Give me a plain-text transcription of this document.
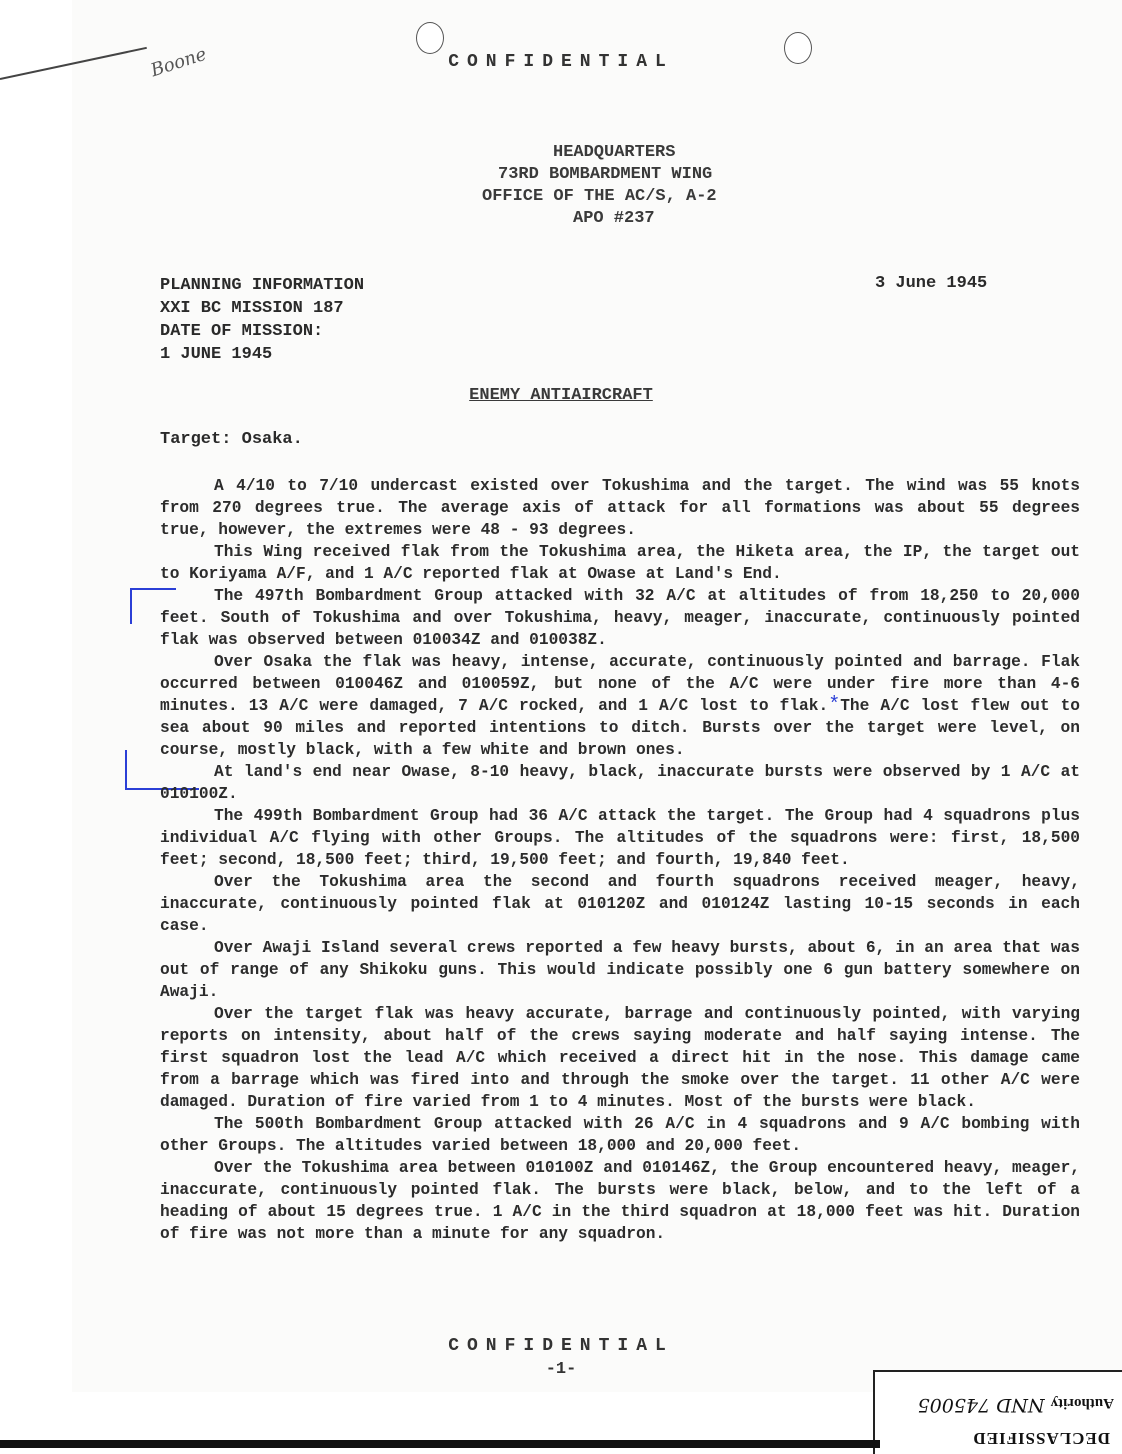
Boone	CONFIDENTIAL
HEADQUARTERS
73RD BOMBARDMENT WING
OFFICE OF THE AC/S, A-2
APO #237
PLANNING INFORMATION
XXI BC MISSION 187
DATE OF MISSION:
1 JUNE 1945
3 June 1945
ENEMY ANTIAIRCRAFT
Target: Osaka.

A 4/10 to 7/10 undercast existed over Tokushima and the target. The wind was 55 knots from 270 degrees true. The average axis of attack for all formations was about 55 degrees true, however, the extremes were 48 - 93 degrees.

This Wing received flak from the Tokushima area, the Hiketa area, the IP, the target out to Koriyama A/F, and 1 A/C reported flak at Owase at Land's End.

The 497th Bombardment Group attacked with 32 A/C at altitudes of from 18,250 to 20,000 feet. South of Tokushima and over Tokushima, heavy, meager, inaccurate, continuously pointed flak was observed between 010034Z and 010038Z.

Over Osaka the flak was heavy, intense, accurate, continuously pointed and barrage. Flak occurred between 010046Z and 010059Z, but none of the A/C were under fire more than 4-6 minutes. 13 A/C were damaged, 7 A/C rocked, and 1 A/C lost to flak.*The A/C lost flew out to sea about 90 miles and reported intentions to ditch. Bursts over the target were level, on course, mostly black, with a few white and brown ones.

At land's end near Owase, 8-10 heavy, black, inaccurate bursts were observed by 1 A/C at 010100Z.

The 499th Bombardment Group had 36 A/C attack the target. The Group had 4 squadrons plus individual A/C flying with other Groups. The altitudes of the squadrons were: first, 18,500 feet; second, 18,500 feet; third, 19,500 feet; and fourth, 19,840 feet.

Over the Tokushima area the second and fourth squadrons received meager, heavy, inaccurate, continuously pointed flak at 010120Z and 010124Z lasting 10-15 seconds in each case.

Over Awaji Island several crews reported a few heavy bursts, about 6, in an area that was out of range of any Shikoku guns. This would indicate possibly one 6 gun battery somewhere on Awaji.

Over the target flak was heavy accurate, barrage and continuously pointed, with varying reports on intensity, about half of the crews saying moderate and half saying intense. The first squadron lost the lead A/C which received a direct hit in the nose. This damage came from a barrage which was fired into and through the smoke over the target. 11 other A/C were damaged. Duration of fire varied from 1 to 4 minutes. Most of the bursts were black.

The 500th Bombardment Group attacked with 26 A/C in 4 squadrons and 9 A/C bombing with other Groups. The altitudes varied between 18,000 and 20,000 feet.

Over the Tokushima area between 010100Z and 010146Z, the Group encountered heavy, meager, inaccurate, continuously pointed flak. The bursts were black, below, and to the left of a heading of about 15 degrees true. 1 A/C in the third squadron at 18,000 feet was hit. Duration of fire was not more than a minute for any squadron.

CONFIDENTIAL
-1-
DECLASSIFIED
AuthorityNND 745005
